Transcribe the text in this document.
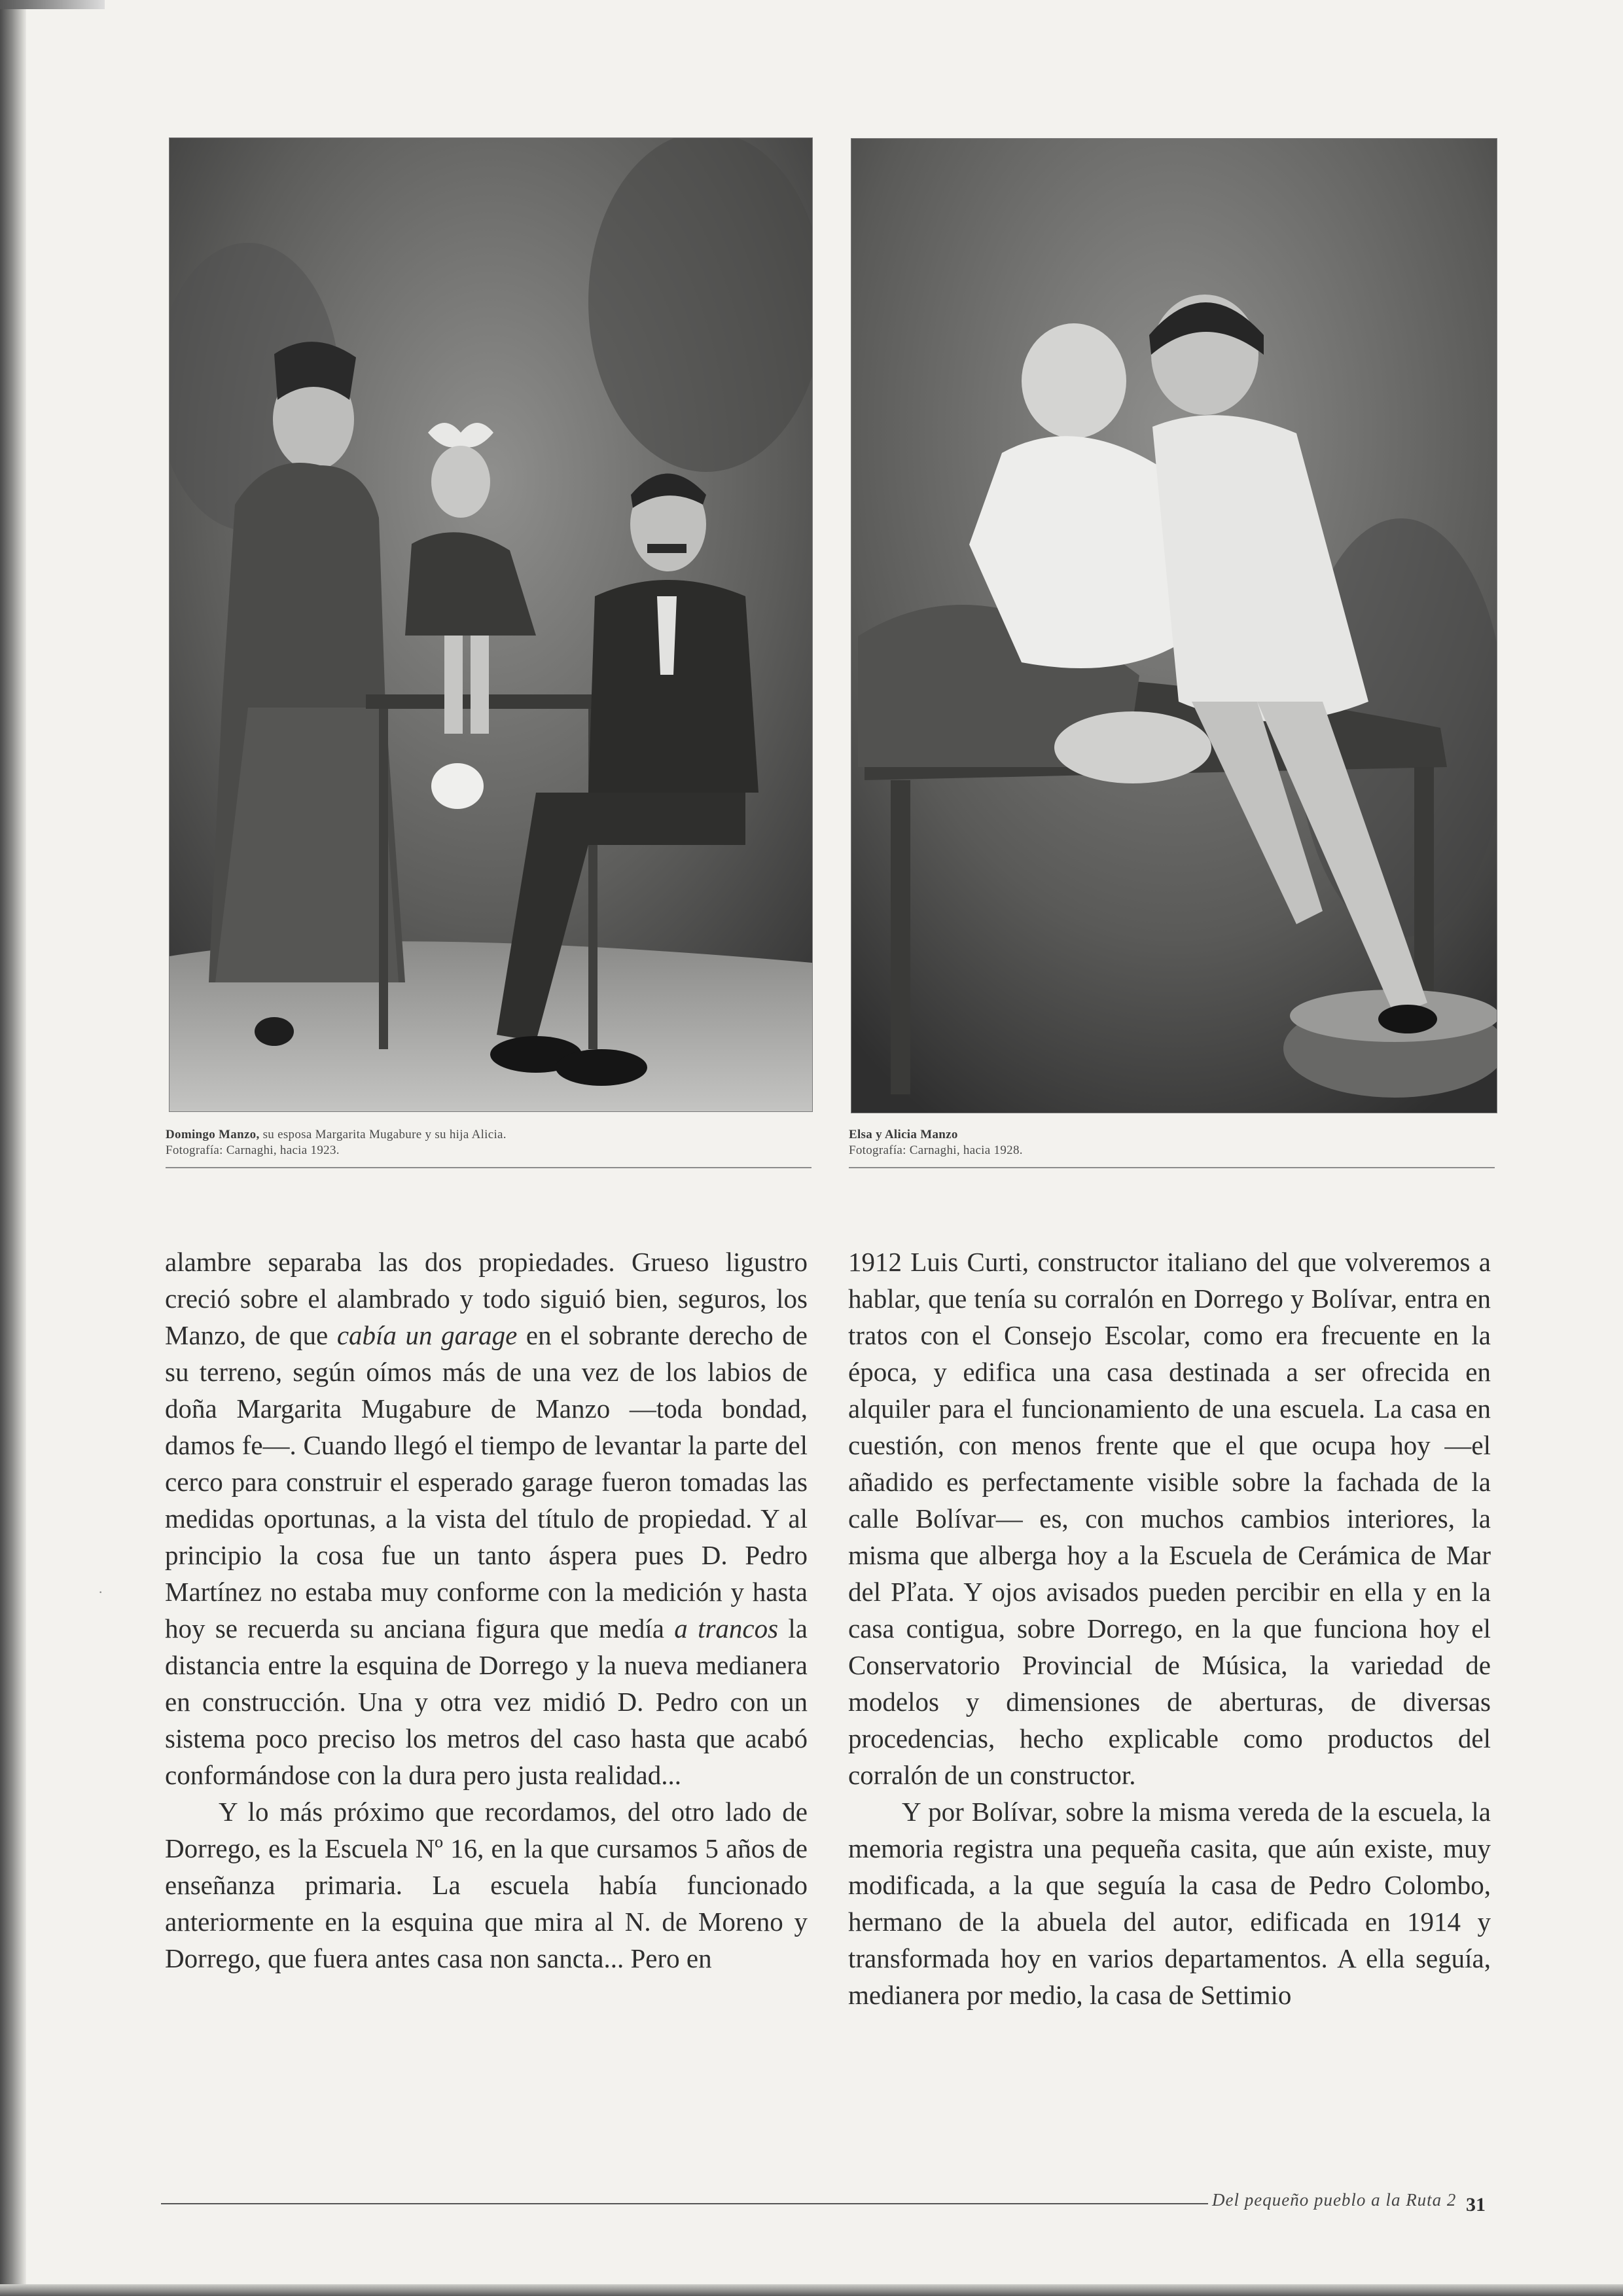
Domingo Manzo, su esposa Margarita Mugabure y su hija Alicia.
Fotografía: Carnaghi, hacia 1923.
Elsa y Alicia Manzo
Fotografía: Carnaghi, hacia 1928.

alambre separaba las dos propiedades. Grueso ligustro creció sobre el alambrado y todo siguió bien, seguros, los Manzo, de que cabía un garage en el sobrante derecho de su terreno, según oímos más de una vez de los labios de doña Margarita Mugabure de Manzo —toda bondad, damos fe—. Cuando llegó el tiempo de levantar la parte del cerco para construir el esperado garage fueron tomadas las medidas oportunas, a la vista del título de propiedad. Y al principio la cosa fue un tanto áspera pues D. Pedro Martínez no estaba muy conforme con la medición y hasta hoy se recuerda su anciana figura que medía a trancos la distancia entre la esquina de Dorrego y la nueva medianera en construcción. Una y otra vez midió D. Pedro con un sistema poco preciso los metros del caso hasta que acabó conformándose con la dura pero justa realidad...

Y lo más próximo que recordamos, del otro lado de Dorrego, es la Escuela Nº 16, en la que cursamos 5 años de enseñanza primaria. La escuela había funcionado anteriormente en la esquina que mira al N. de Moreno y Dorrego, que fuera antes casa non sancta... Pero en

1912 Luis Curti, constructor italiano del que volveremos a hablar, que tenía su corralón en Dorrego y Bolívar, entra en tratos con el Consejo Escolar, como era frecuente en la época, y edifica una casa destinada a ser ofrecida en alquiler para el funcionamiento de una escuela. La casa en cuestión, con menos frente que el que ocupa hoy —el añadido es perfectamente visible sobre la fachada de la calle Bolívar— es, con muchos cambios interiores, la misma que alberga hoy a la Escuela de Cerámica de Mar del Pľata. Y ojos avisados pueden percibir en ella y en la casa contigua, sobre Dorrego, en la que funciona hoy el Conservatorio Provincial de Música, la variedad de modelos y dimensiones de aberturas, de diversas procedencias, hecho explicable como productos del corralón de un constructor.

Y por Bolívar, sobre la misma vereda de la escuela, la memoria registra una pequeña casita, que aún existe, muy modificada, a la que seguía la casa de Pedro Colombo, hermano de la abuela del autor, edificada en 1914 y transformada hoy en varios departamentos. A ella seguía, medianera por medio, la casa de Settimio

·
Del pequeño pueblo a la Ruta 2 31
